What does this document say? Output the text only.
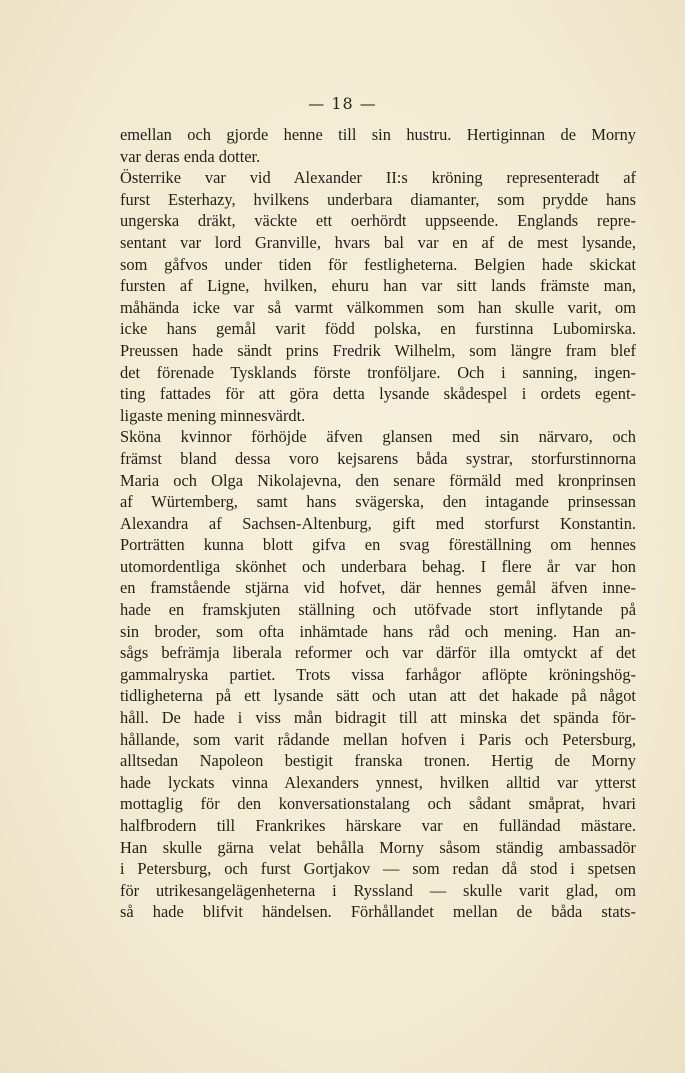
— 18 —
emellan och gjorde henne till sin hustru. Hertiginnan de Morny
var deras enda dotter.
Österrike var vid Alexander II:s kröning representeradt af
furst Esterhazy, hvilkens underbara diamanter, som prydde hans
ungerska dräkt, väckte ett oerhördt uppseende. Englands repre-
sentant var lord Granville, hvars bal var en af de mest lysande,
som gåfvos under tiden för festligheterna. Belgien hade skickat
fursten af Ligne, hvilken, ehuru han var sitt lands främste man,
måhända icke var så varmt välkommen som han skulle varit, om
icke hans gemål varit född polska, en furstinna Lubomirska.
Preussen hade sändt prins Fredrik Wilhelm, som längre fram blef
det förenade Tysklands förste tronföljare. Och i sanning, ingen-
ting fattades för att göra detta lysande skådespel i ordets egent-
ligaste mening minnesvärdt.
Sköna kvinnor förhöjde äfven glansen med sin närvaro, och
främst bland dessa voro kejsarens båda systrar, storfurstinnorna
Maria och Olga Nikolajevna, den senare förmäld med kronprinsen
af Würtemberg, samt hans svägerska, den intagande prinsessan
Alexandra af Sachsen-Altenburg, gift med storfurst Konstantin.
Porträtten kunna blott gifva en svag föreställning om hennes
utomordentliga skönhet och underbara behag. I flere år var hon
en framstående stjärna vid hofvet, där hennes gemål äfven inne-
hade en framskjuten ställning och utöfvade stort inflytande på
sin broder, som ofta inhämtade hans råd och mening. Han an-
sågs befrämja liberala reformer och var därför illa omtyckt af det
gammalryska partiet. Trots vissa farhågor aflöpte kröningshög-
tidligheterna på ett lysande sätt och utan att det hakade på något
håll. De hade i viss mån bidragit till att minska det spända för-
hållande, som varit rådande mellan hofven i Paris och Petersburg,
alltsedan Napoleon bestigit franska tronen. Hertig de Morny
hade lyckats vinna Alexanders ynnest, hvilken alltid var ytterst
mottaglig för den konversationstalang och sådant småprat, hvari
halfbrodern till Frankrikes härskare var en fulländad mästare.
Han skulle gärna velat behålla Morny såsom ständig ambassadör
i Petersburg, och furst Gortjakov — som redan då stod i spetsen
för utrikesangelägenheterna i Ryssland — skulle varit glad, om
så hade blifvit händelsen. Förhållandet mellan de båda stats-
